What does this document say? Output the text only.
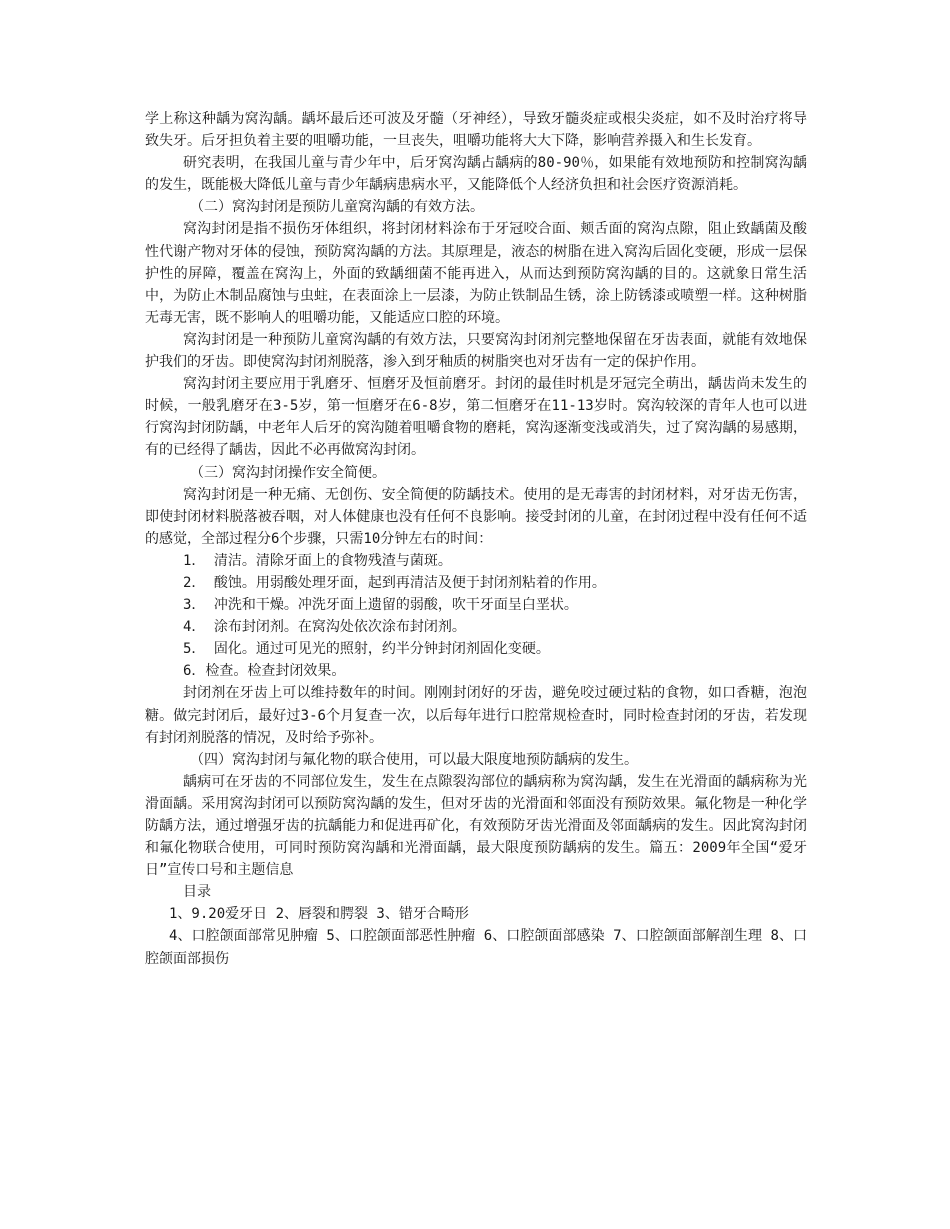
学上称这种龋为窝沟龋。龋坏最后还可波及牙髓（牙神经），导致牙髓炎症或根尖炎症，如不及时治疗将导致失牙。后牙担负着主要的咀嚼功能，一旦丧失，咀嚼功能将大大下降，影响营养摄入和生长发育。

研究表明，在我国儿童与青少年中，后牙窝沟龋占龋病的80-90％，如果能有效地预防和控制窝沟龋的发生，既能极大降低儿童与青少年龋病患病水平，又能降低个人经济负担和社会医疗资源消耗。

（二）窝沟封闭是预防儿童窝沟龋的有效方法。

窝沟封闭是指不损伤牙体组织，将封闭材料涂布于牙冠咬合面、颊舌面的窝沟点隙，阻止致龋菌及酸性代谢产物对牙体的侵蚀，预防窝沟龋的方法。其原理是，液态的树脂在进入窝沟后固化变硬，形成一层保护性的屏障，覆盖在窝沟上，外面的致龋细菌不能再进入，从而达到预防窝沟龋的目的。这就象日常生活中，为防止木制品腐蚀与虫蛀，在表面涂上一层漆，为防止铁制品生锈，涂上防锈漆或喷塑一样。这种树脂无毒无害，既不影响人的咀嚼功能，又能适应口腔的环境。

窝沟封闭是一种预防儿童窝沟龋的有效方法，只要窝沟封闭剂完整地保留在牙齿表面，就能有效地保护我们的牙齿。即使窝沟封闭剂脱落，渗入到牙釉质的树脂突也对牙齿有一定的保护作用。

窝沟封闭主要应用于乳磨牙、恒磨牙及恒前磨牙。封闭的最佳时机是牙冠完全萌出，龋齿尚未发生的时候，一般乳磨牙在3-5岁，第一恒磨牙在6-8岁，第二恒磨牙在11-13岁时。窝沟较深的青年人也可以进行窝沟封闭防龋，中老年人后牙的窝沟随着咀嚼食物的磨耗，窝沟逐渐变浅或消失，过了窝沟龋的易感期，有的已经得了龋齿，因此不必再做窝沟封闭。

（三）窝沟封闭操作安全简便。

窝沟封闭是一种无痛、无创伤、安全简便的防龋技术。使用的是无毒害的封闭材料，对牙齿无伤害，即使封闭材料脱落被吞咽，对人体健康也没有任何不良影响。接受封闭的儿童，在封闭过程中没有任何不适的感觉，全部过程分6个步骤，只需10分钟左右的时间：

1． 清洁。清除牙面上的食物残渣与菌斑。

2． 酸蚀。用弱酸处理牙面，起到再清洁及便于封闭剂粘着的作用。

3． 冲洗和干燥。冲洗牙面上遗留的弱酸，吹干牙面呈白垩状。

4． 涂布封闭剂。在窝沟处依次涂布封闭剂。

5． 固化。通过可见光的照射，约半分钟封闭剂固化变硬。

6．检查。检查封闭效果。

封闭剂在牙齿上可以维持数年的时间。刚刚封闭好的牙齿，避免咬过硬过粘的食物，如口香糖，泡泡糖。做完封闭后，最好过3-6个月复查一次，以后每年进行口腔常规检查时，同时检查封闭的牙齿，若发现有封闭剂脱落的情况，及时给予弥补。

（四）窝沟封闭与氟化物的联合使用，可以最大限度地预防龋病的发生。

龋病可在牙齿的不同部位发生，发生在点隙裂沟部位的龋病称为窝沟龋，发生在光滑面的龋病称为光滑面龋。采用窝沟封闭可以预防窝沟龋的发生，但对牙齿的光滑面和邻面没有预防效果。氟化物是一种化学防龋方法，通过增强牙齿的抗龋能力和促进再矿化，有效预防牙齿光滑面及邻面龋病的发生。因此窝沟封闭和氟化物联合使用，可同时预防窝沟龋和光滑面龋，最大限度预防龋病的发生。篇五：2009年全国“爱牙日”宣传口号和主题信息

目录

1、9.20爱牙日 2、唇裂和腭裂 3、错牙合畸形

4、口腔颌面部常见肿瘤 5、口腔颌面部恶性肿瘤 6、口腔颌面部感染 7、口腔颌面部解剖生理 8、口腔颌面部损伤
